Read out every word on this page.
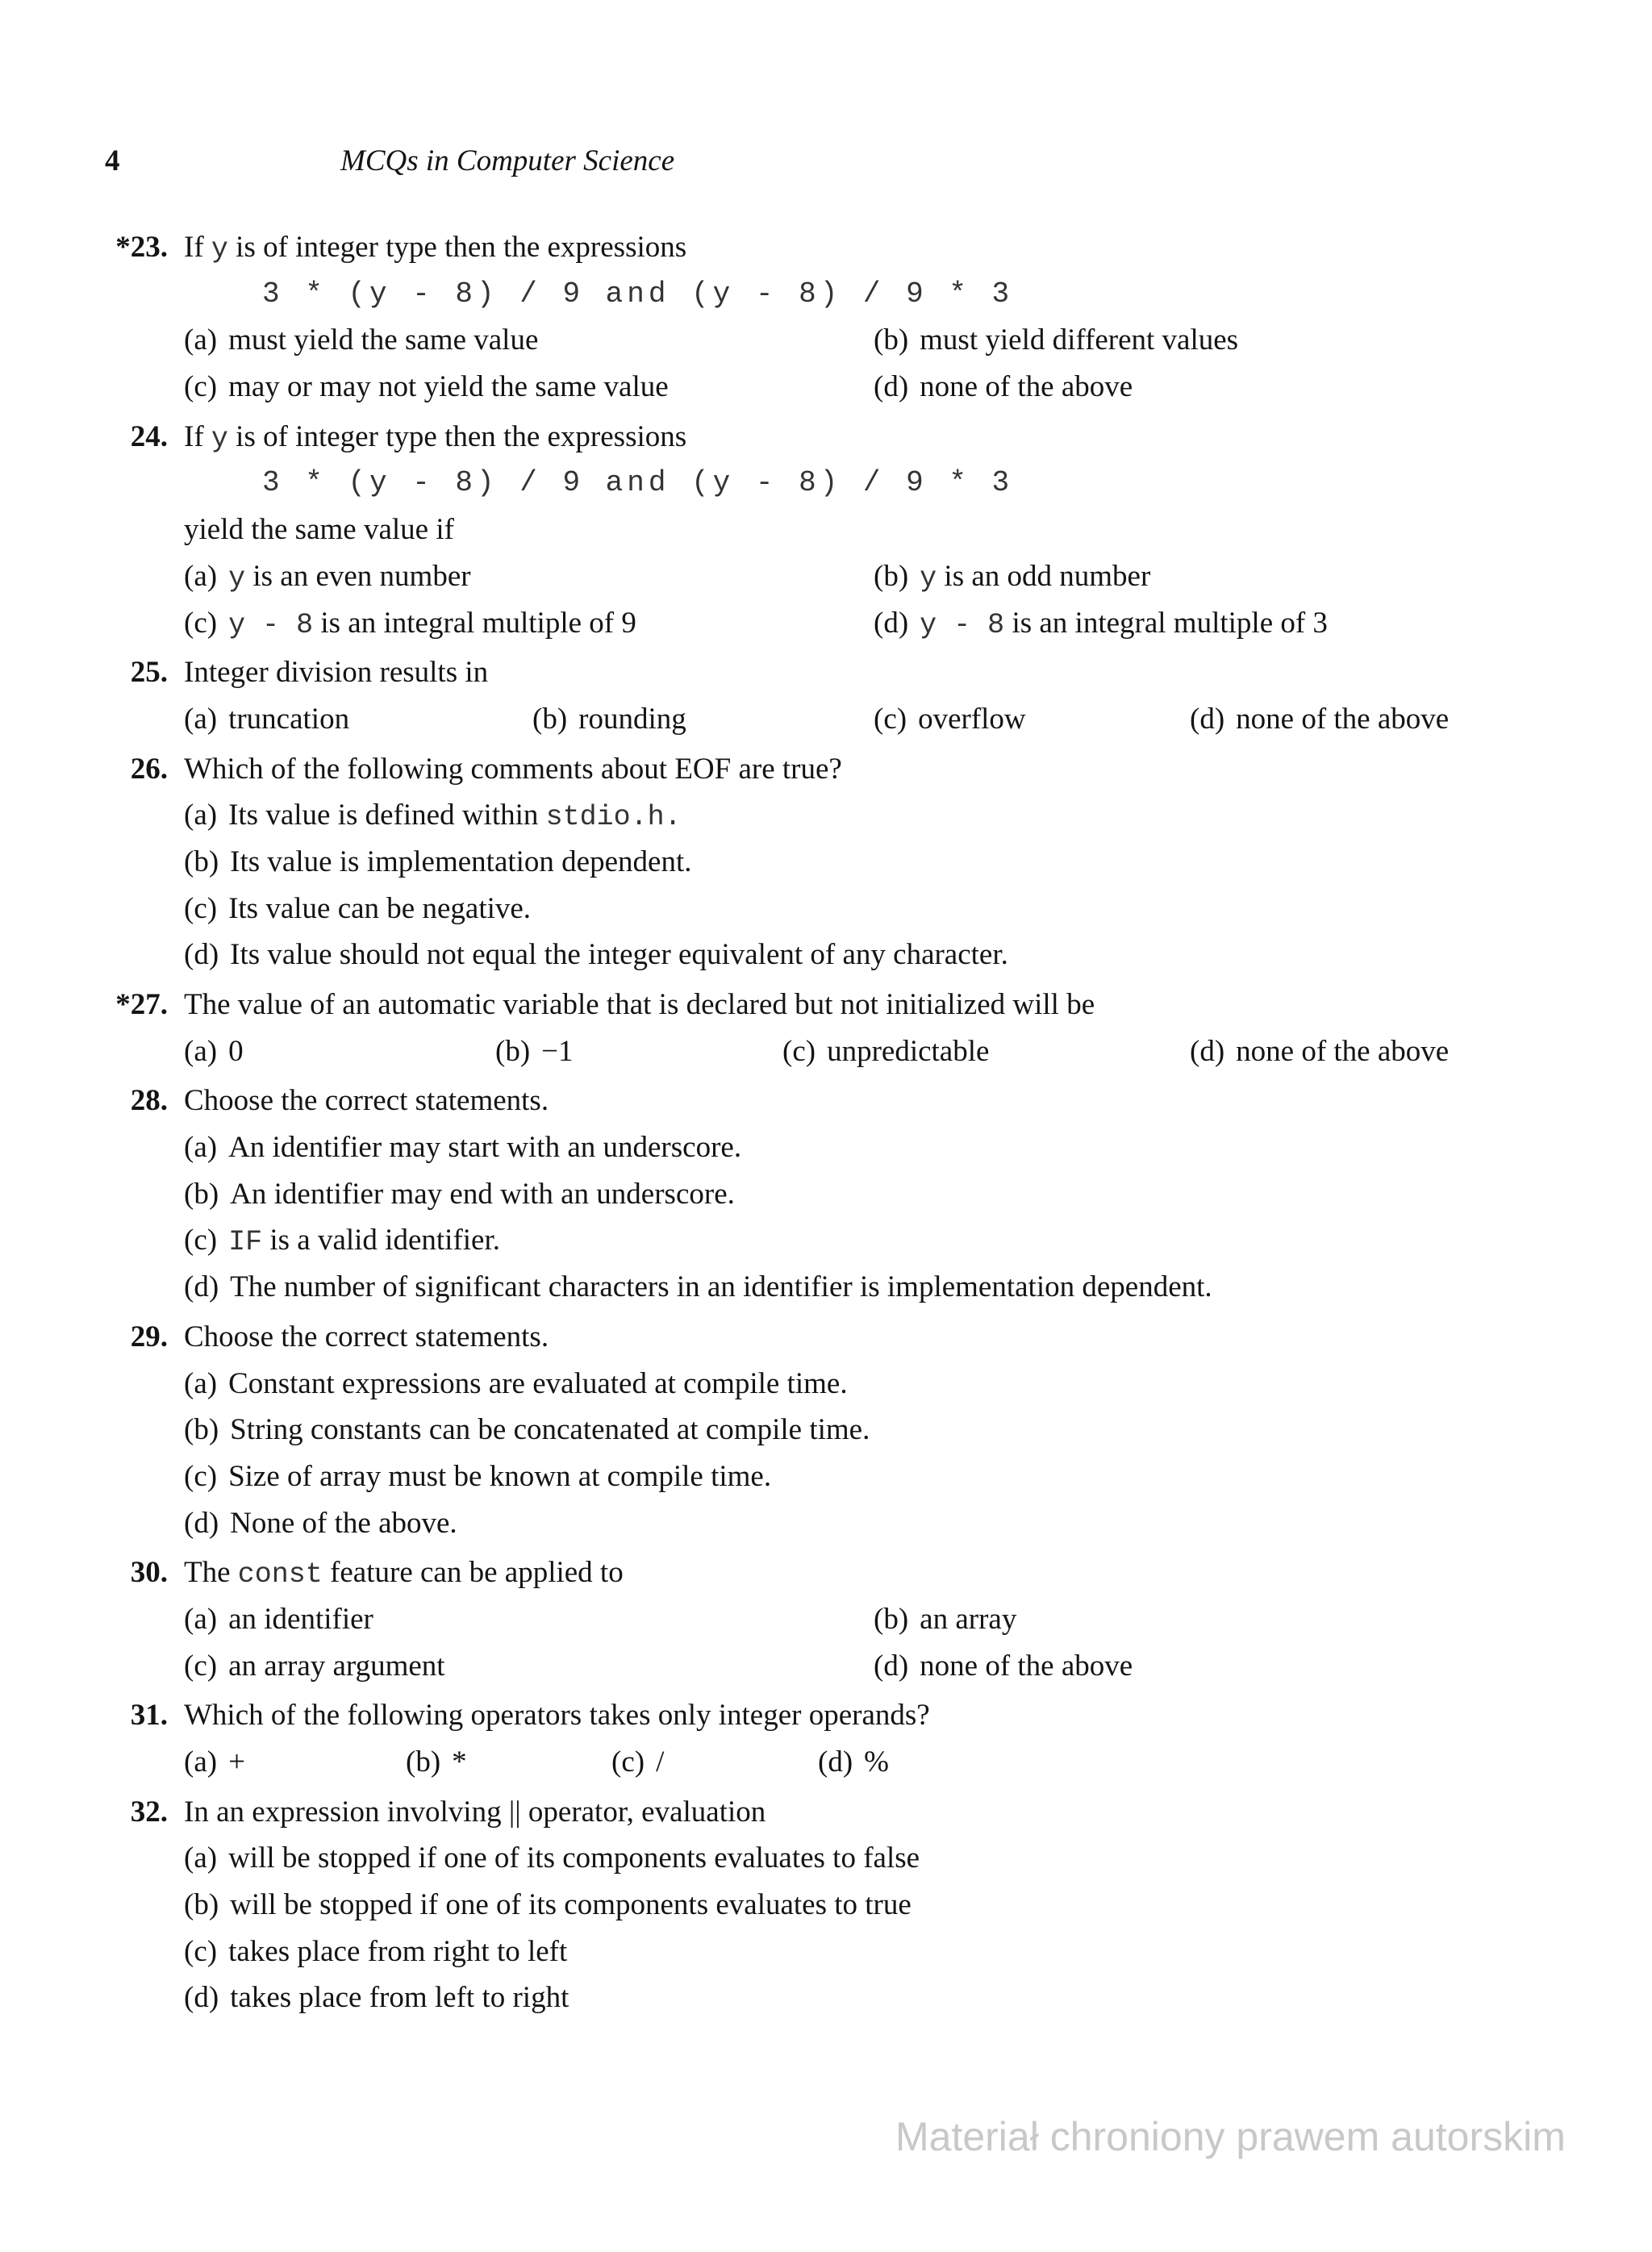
4	MCQs in Computer Science
*23. If y is of integer type then the expressions
3 * (y - 8) / 9 and (y - 8) / 9 * 3
(a) must yield the same value	(b) must yield different values
(c) may or may not yield the same value	(d) none of the above
24. If y is of integer type then the expressions
3 * (y - 8) / 9 and (y - 8) / 9 * 3
yield the same value if
(a) y is an even number	(b) y is an odd number
(c) y - 8 is an integral multiple of 9	(d) y - 8 is an integral multiple of 3
25. Integer division results in
(a) truncation	(b) rounding	(c) overflow	(d) none of the above
26. Which of the following comments about EOF are true?
(a) Its value is defined within stdio.h.
(b) Its value is implementation dependent.
(c) Its value can be negative.
(d) Its value should not equal the integer equivalent of any character.
*27. The value of an automatic variable that is declared but not initialized will be
(a) 0	(b) −1	(c) unpredictable	(d) none of the above
28. Choose the correct statements.
(a) An identifier may start with an underscore.
(b) An identifier may end with an underscore.
(c) IF is a valid identifier.
(d) The number of significant characters in an identifier is implementation dependent.
29. Choose the correct statements.
(a) Constant expressions are evaluated at compile time.
(b) String constants can be concatenated at compile time.
(c) Size of array must be known at compile time.
(d) None of the above.
30. The const feature can be applied to
(a) an identifier	(b) an array
(c) an array argument	(d) none of the above
31. Which of the following operators takes only integer operands?
(a) +	(b) *	(c) /	(d) %
32. In an expression involving || operator, evaluation
(a) will be stopped if one of its components evaluates to false
(b) will be stopped if one of its components evaluates to true
(c) takes place from right to left
(d) takes place from left to right
Materiał chroniony prawem autorskim
